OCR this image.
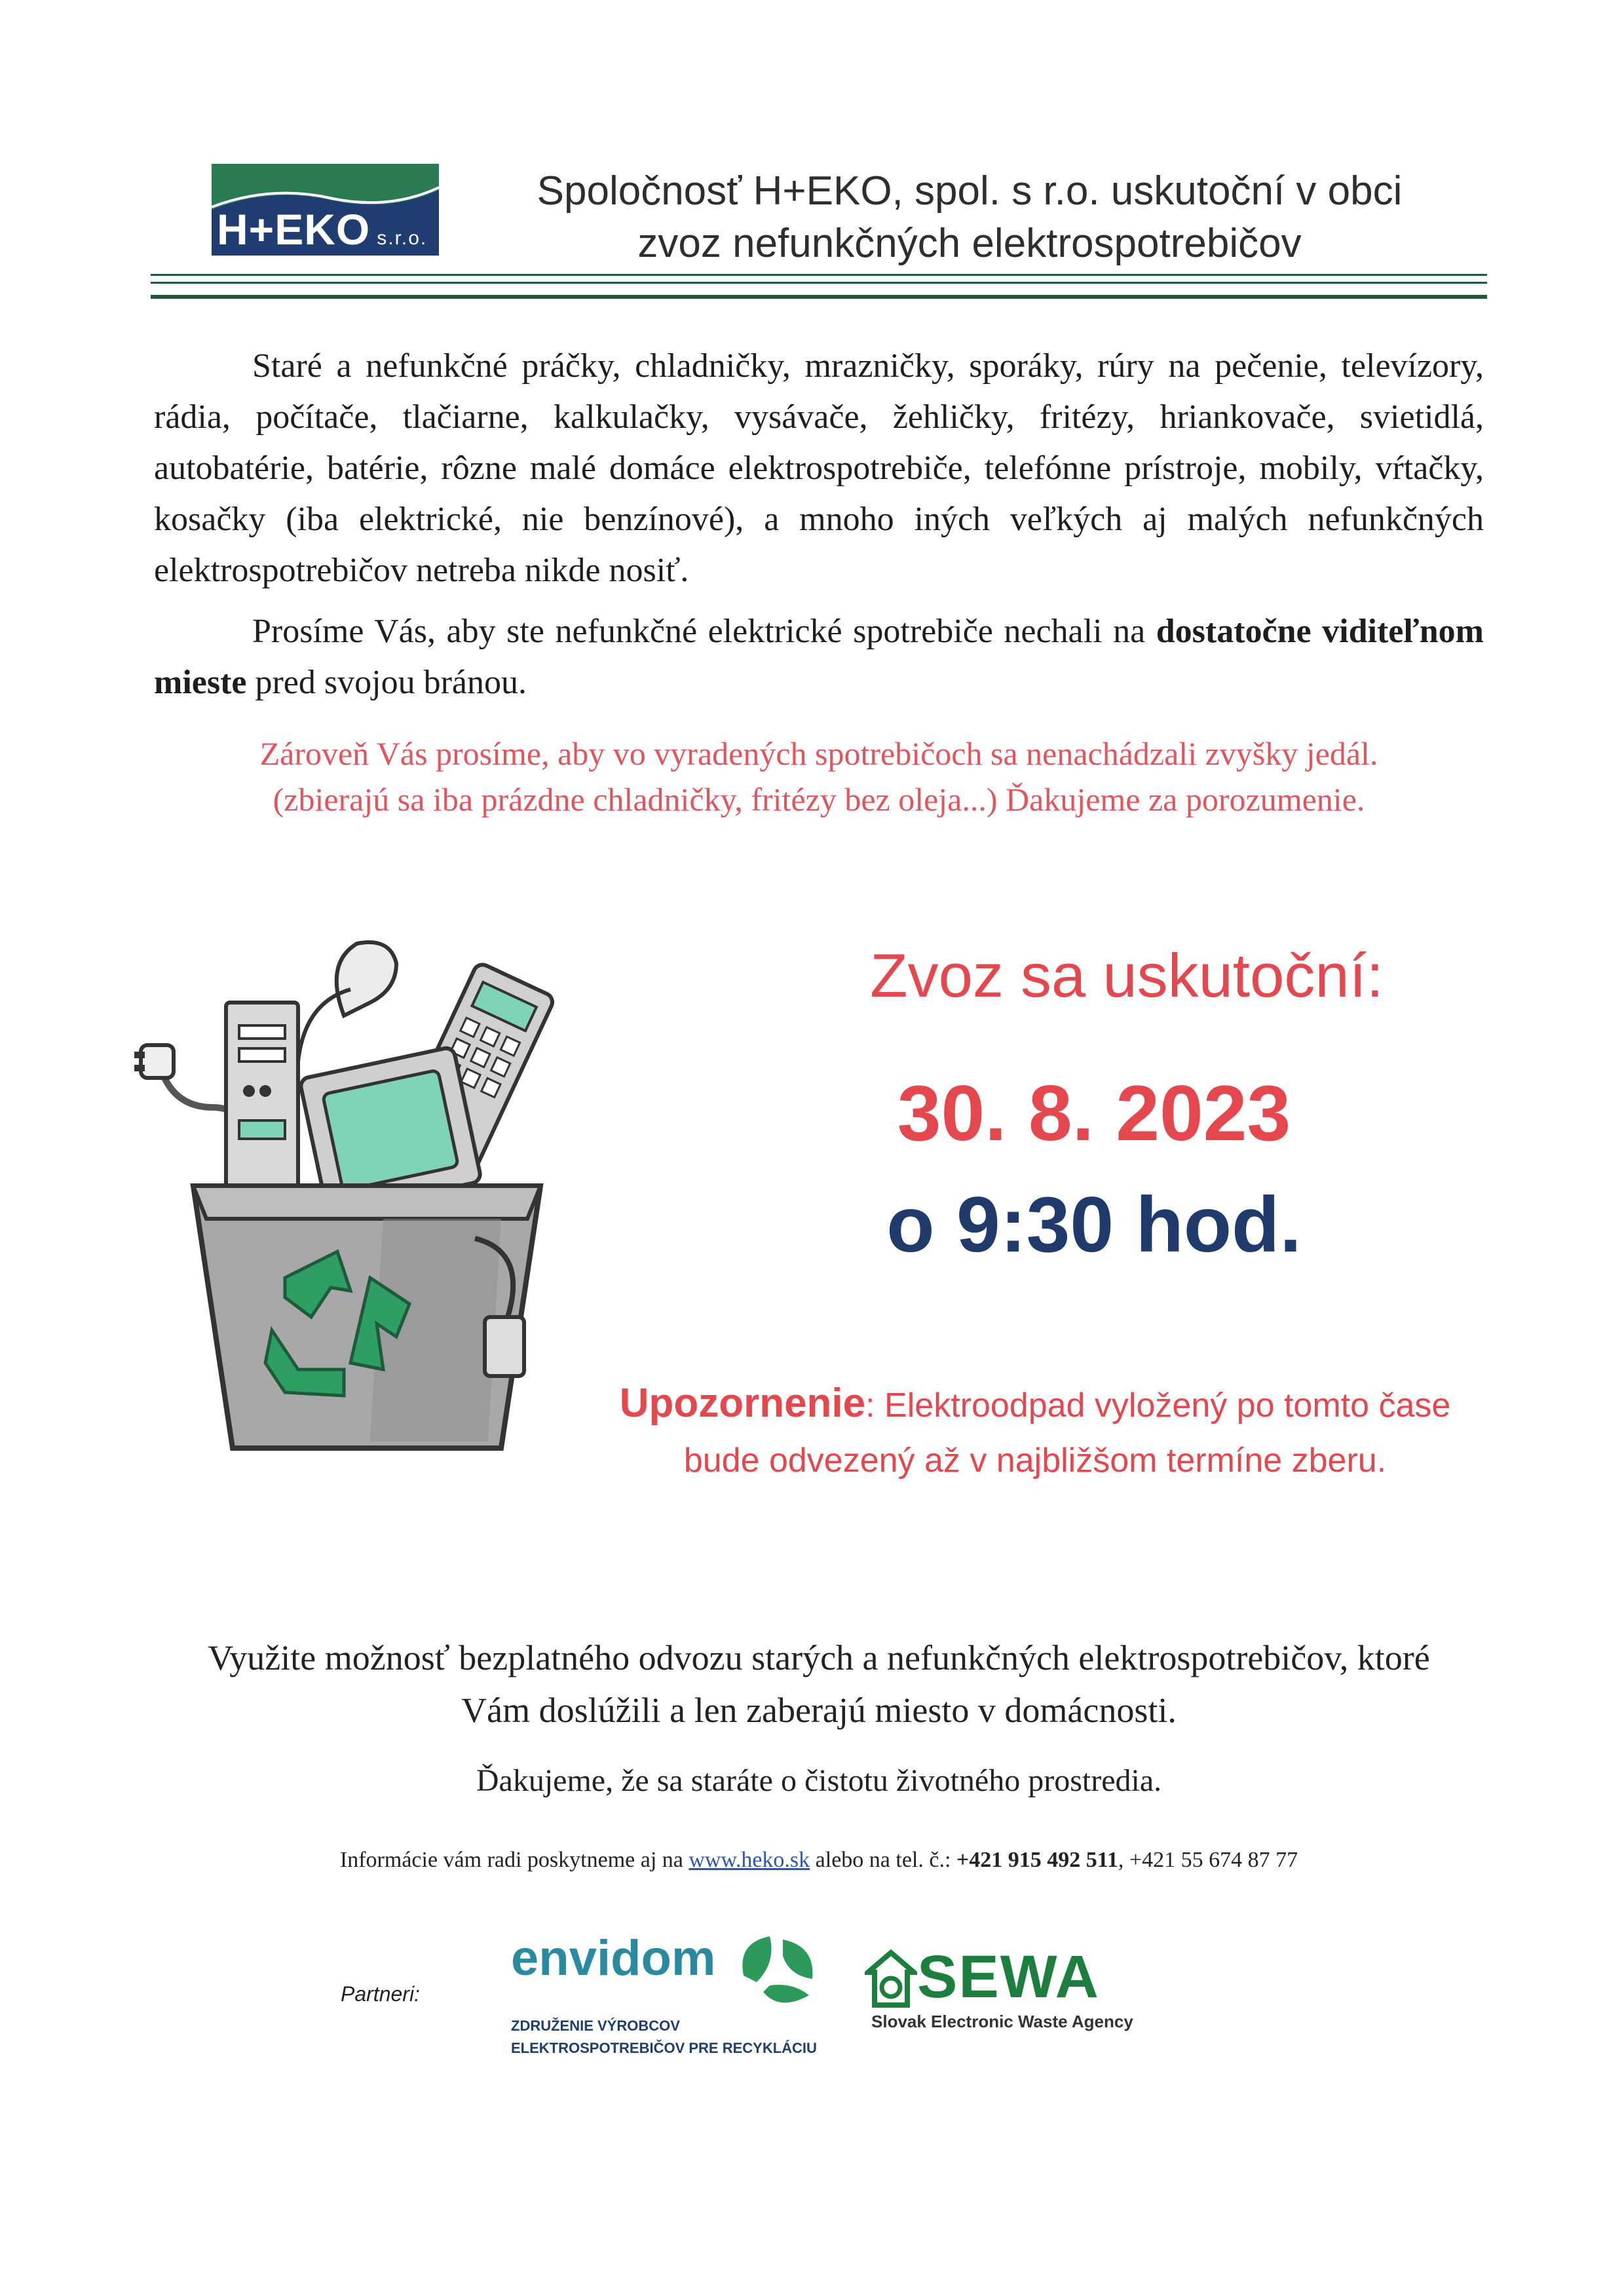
H+EKO s.r.o.
Spoločnosť H+EKO, spol. s r.o. uskutoční v obci
zvoz nefunkčných elektrospotrebičov
Staré a nefunkčné práčky, chladničky, mrazničky, sporáky, rúry na pečenie, televízory, rádia, počítače, tlačiarne, kalkulačky, vysávače, žehličky, fritézy, hriankovače, svietidlá, autobatérie, batérie, rôzne malé domáce elektrospotrebiče, telefónne prístroje, mobily, vŕtačky, kosačky (iba elektrické, nie benzínové), a mnoho iných veľkých aj malých nefunkčných elektrospotrebičov netreba nikde nosiť.
Prosíme Vás, aby ste nefunkčné elektrické spotrebiče nechali na dostatočne viditeľnom mieste pred svojou bránou.
Zároveň Vás prosíme, aby vo vyradených spotrebičoch sa nenachádzali zvyšky jedál.
(zbierajú sa iba prázdne chladničky, fritézy bez oleja...) Ďakujeme za porozumenie.
Zvoz sa uskutoční:
30. 8. 2023
o 9:30 hod.
Upozornenie: Elektroodpad vyložený po tomto čase
bude odvezený až v najbližšom termíne zberu.
Využite možnosť bezplatného odvozu starých a nefunkčných elektrospotrebičov, ktoré
Vám doslúžili a len zaberajú miesto v domácnosti.
Ďakujeme, že sa staráte o čistotu životného prostredia.
Informácie vám radi poskytneme aj na www.heko.sk alebo na tel. č.: +421 915 492 511, +421 55 674 87 77
Partneri:
envidom
ZDRUŽENIE VÝROBCOV
ELEKTROSPOTREBIČOV PRE RECYKLÁCIU
SEWA
Slovak Electronic Waste Agency
